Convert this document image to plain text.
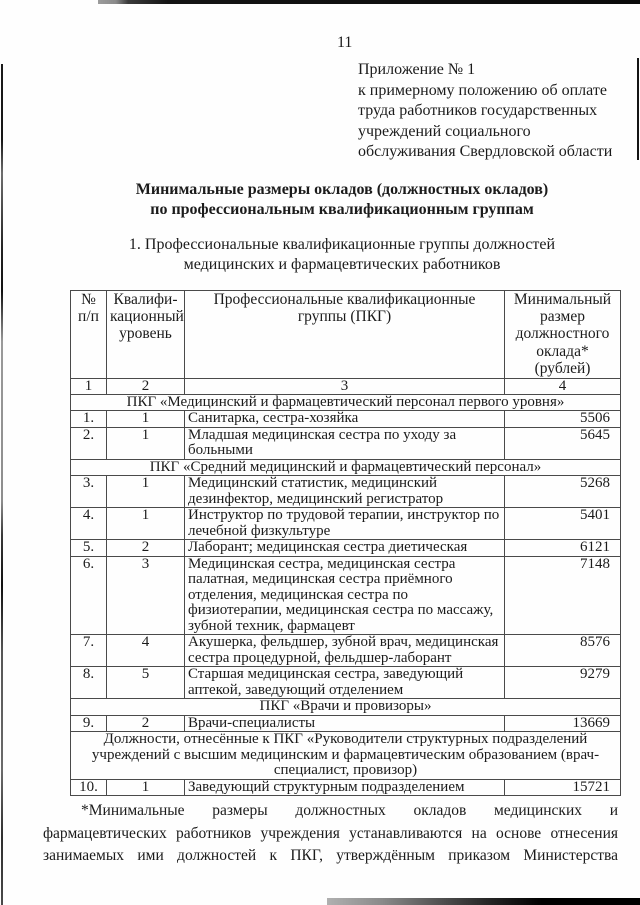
11
Приложение № 1
к примерному положению об оплате
труда работников государственных
учреждений социального
обслуживания Свердловской области
Минимальные размеры окладов (должностных окладов)
по профессиональным квалификационным группам
1. Профессиональные квалификационные группы должностей
медицинских и фармацевтических работников
№ п/п	Квалифи-кационный уровень	Профессиональные квалификационные группы (ПКГ)	Минимальный размер должностного оклада* (рублей)
1	2	3	4
ПКГ «Медицинский и фармацевтический персонал первого уровня»			
1.	1	Санитарка, сестра-хозяйка	5506
2.	1	Младшая медицинская сестра по уходу за больными	5645
ПКГ «Средний медицинский и фармацевтический персонал»			
3.	1	Медицинский статистик, медицинский дезинфектор, медицинский регистратор	5268
4.	1	Инструктор по трудовой терапии, инструктор по лечебной физкультуре	5401
5.	2	Лаборант; медицинская сестра диетическая	6121
6.	3	Медицинская сестра, медицинская сестра палатная, медицинская сестра приёмного отделения, медицинская сестра по физиотерапии, медицинская сестра по массажу, зубной техник, фармацевт	7148
7.	4	Акушерка, фельдшер, зубной врач, медицинская сестра процедурной, фельдшер-лаборант	8576
8.	5	Старшая медицинская сестра, заведующий аптекой, заведующий отделением	9279
ПКГ «Врачи и провизоры»			
9.	2	Врачи-специалисты	13669
Должности, отнесённые к ПКГ «Руководители структурных подразделений учреждений с высшим медицинским и фармацевтическим образованием (врач-специалист, провизор)			
10.	1	Заведующий структурным подразделением	15721
*Минимальные размеры должностных окладов медицинских и
фармацевтических работников учреждения устанавливаются на основе отнесения
занимаемых ими должностей к ПКГ, утверждённым приказом Министерства
